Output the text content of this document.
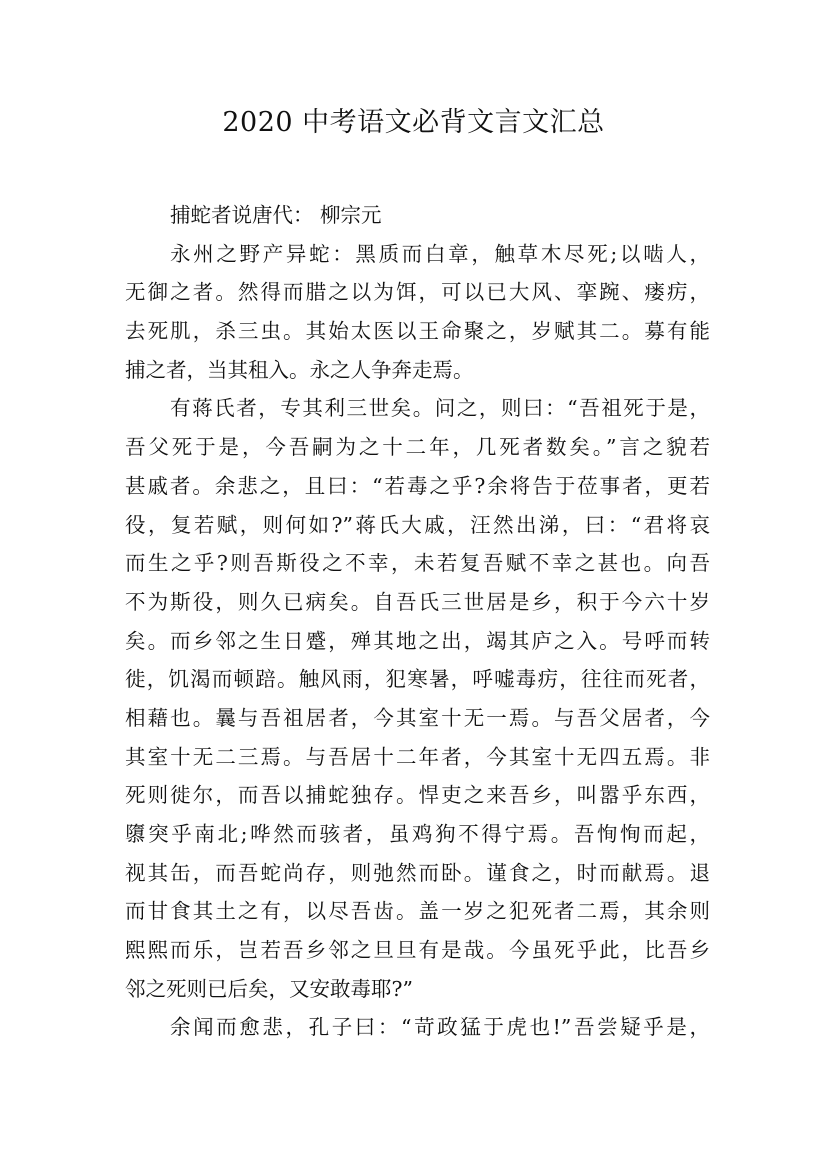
2020 中考语文必背文言文汇总
捕蛇者说唐代： 柳宗元
永州之野产异蛇：黑质而白章，触草木尽死;以啮人，
无御之者。然得而腊之以为饵，可以已大风、挛踠、瘘疠，
去死肌，杀三虫。其始太医以王命聚之，岁赋其二。募有能
捕之者，当其租入。永之人争奔走焉。
有蒋氏者，专其利三世矣。问之，则曰：“吾祖死于是，
吾父死于是，今吾嗣为之十二年，几死者数矣。”言之貌若
甚戚者。余悲之，且曰：“若毒之乎?余将告于莅事者，更若
役，复若赋，则何如?”蒋氏大戚，汪然出涕，曰：“君将哀
而生之乎?则吾斯役之不幸，未若复吾赋不幸之甚也。向吾
不为斯役，则久已病矣。自吾氏三世居是乡，积于今六十岁
矣。而乡邻之生日蹙，殚其地之出，竭其庐之入。号呼而转
徙，饥渴而顿踣。触风雨，犯寒暑，呼嘘毒疠，往往而死者，
相藉也。曩与吾祖居者，今其室十无一焉。与吾父居者，今
其室十无二三焉。与吾居十二年者，今其室十无四五焉。非
死则徙尔，而吾以捕蛇独存。悍吏之来吾乡，叫嚣乎东西，
隳突乎南北;哗然而骇者，虽鸡狗不得宁焉。吾恂恂而起，
视其缶，而吾蛇尚存，则弛然而卧。谨食之，时而献焉。退
而甘食其土之有，以尽吾齿。盖一岁之犯死者二焉，其余则
熙熙而乐，岂若吾乡邻之旦旦有是哉。今虽死乎此，比吾乡
邻之死则已后矣，又安敢毒耶?”
余闻而愈悲，孔子曰：“苛政猛于虎也!”吾尝疑乎是，
